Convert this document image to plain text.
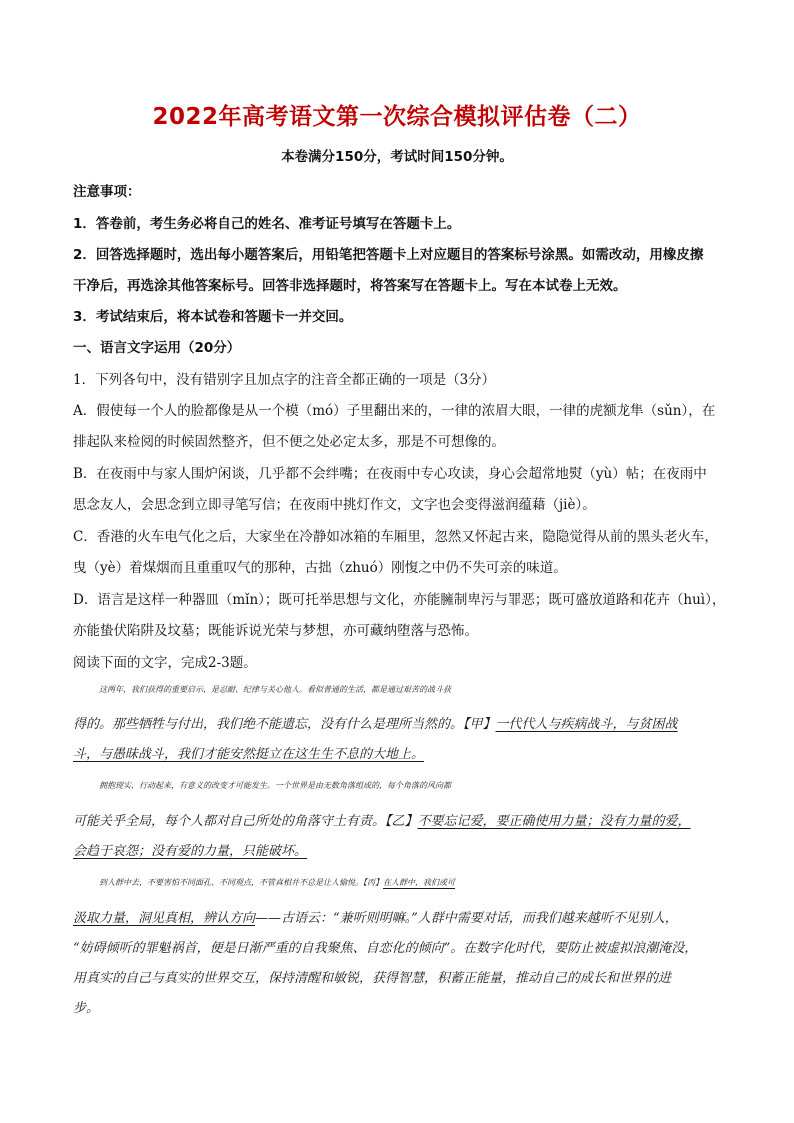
2022年高考语文第一次综合模拟评估卷（二）
本卷满分150分，考试时间150分钟。
注意事项：
1．答卷前，考生务必将自己的姓名、准考证号填写在答题卡上。
2．回答选择题时，选出每小题答案后，用铅笔把答题卡上对应题目的答案标号涂黑。如需改动，用橡皮擦
干净后，再选涂其他答案标号。回答非选择题时，将答案写在答题卡上。写在本试卷上无效。
3．考试结束后，将本试卷和答题卡一并交回。
一、语言文字运用（20分）
1．下列各句中，没有错别字且加点字的注音全都正确的一项是（3分）
A．假使每一个人的脸都像是从一个模（mó）子里翻出来的，一律的浓眉大眼，一律的虎额龙隼（sǔn），在
排起队来检阅的时候固然整齐，但不便之处必定太多，那是不可想像的。
B．在夜雨中与家人围炉闲谈，几乎都不会绊嘴；在夜雨中专心攻读，身心会超常地熨（yù）帖；在夜雨中
思念友人，会思念到立即寻笔写信；在夜雨中挑灯作文，文字也会变得滋润蕴藉（jiè）。
C．香港的火车电气化之后，大家坐在冷静如冰箱的车厢里，忽然又怀起古来，隐隐觉得从前的黑头老火车，
曳（yè）着煤烟而且重重叹气的那种，古拙（zhuó）刚愎之中仍不失可亲的味道。
D．语言是这样一种器皿（mǐn）；既可托举思想与文化，亦能臃制卑污与罪恶；既可盛放道路和花卉（huì），
亦能蛰伏陷阱及坟墓；既能诉说光荣与梦想，亦可藏纳堕落与恐怖。
阅读下面的文字，完成2-3题。
这两年，我们获得的重要启示，是忍耐、纪律与关心他人。看似普通的生活，都是通过艰苦的战斗获
得的。那些牺牲与付出，我们绝不能遗忘，没有什么是理所当然的。【甲】一代代人与疾病战斗，与贫困战
斗，与愚昧战斗，我们才能安然挺立在这生生不息的大地上。
拥抱现实，行动起来，有意义的改变才可能发生。一个世界是由无数角落组成的，每个角落的风向都
可能关乎全局，每个人都对自己所处的角落守土有责。【乙】不要忘记爱，要正确使用力量；没有力量的爱，
会趋于哀怨；没有爱的力量，只能破坏。
到人群中去，不要害怕不同面孔、不同观点，不管真相并不总是让人愉悦。【丙】在人群中，我们或可
汲取力量，洞见真相，辨认方向——古语云：“兼听则明嘛。”人群中需要对话，而我们越来越听不见别人，
“妨碍倾听的罪魁祸首，便是日渐严重的自我聚焦、自恋化的倾向”。在数字化时代，要防止被虚拟浪潮淹没，
用真实的自己与真实的世界交互，保持清醒和敏锐，获得智慧，积蓄正能量，推动自己的成长和世界的进
步。
